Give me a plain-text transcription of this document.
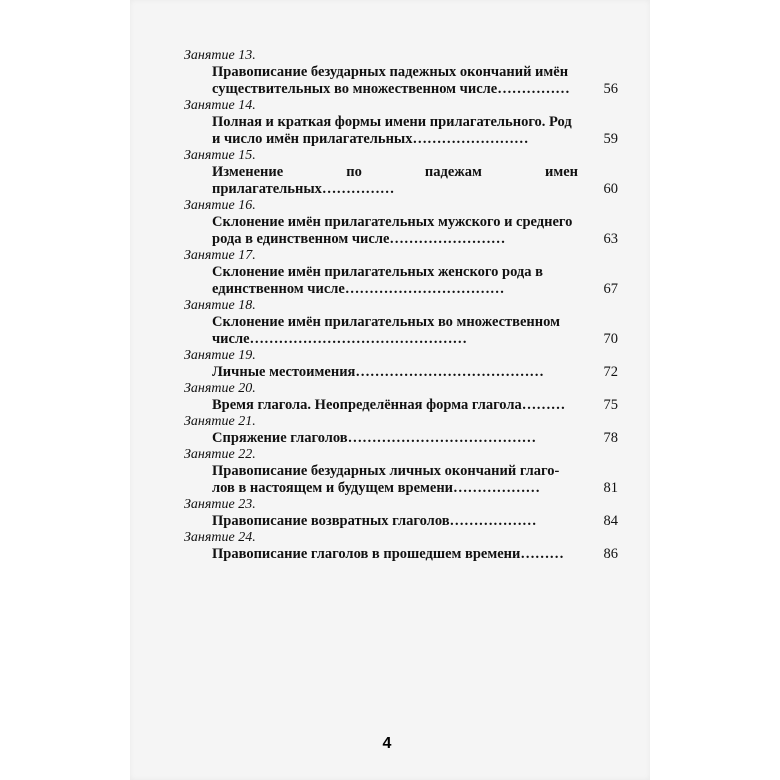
4
Занятие 13.
Правописание безударных падежных окончаний имён
существительных во множественном числе……………	56
Занятие 14.
Полная и краткая формы имени прилагательного. Род
и число имён прилагательных……………………	59
Занятие 15.
Изменение по падежам имен прилагательных……………	60
Занятие 16.
Склонение имён прилагательных мужского и среднего
рода в единственном числе……………………	63
Занятие 17.
Склонение имён прилагательных женского рода в
единственном числе……………………………	67
Занятие 18.
Склонение имён прилагательных во множественном
числе………………………………………	70
Занятие 19.
Личные местоимения…………………………………	72
Занятие 20.
Время глагола. Неопределённая форма глагола………	75
Занятие 21.
Спряжение глаголов…………………………………	78
Занятие 22.
Правописание безударных личных окончаний глаго-
лов в настоящем и будущем времени………………	81
Занятие 23.
Правописание возвратных глаголов………………	84
Занятие 24.
Правописание глаголов в прошедшем времени………	86
